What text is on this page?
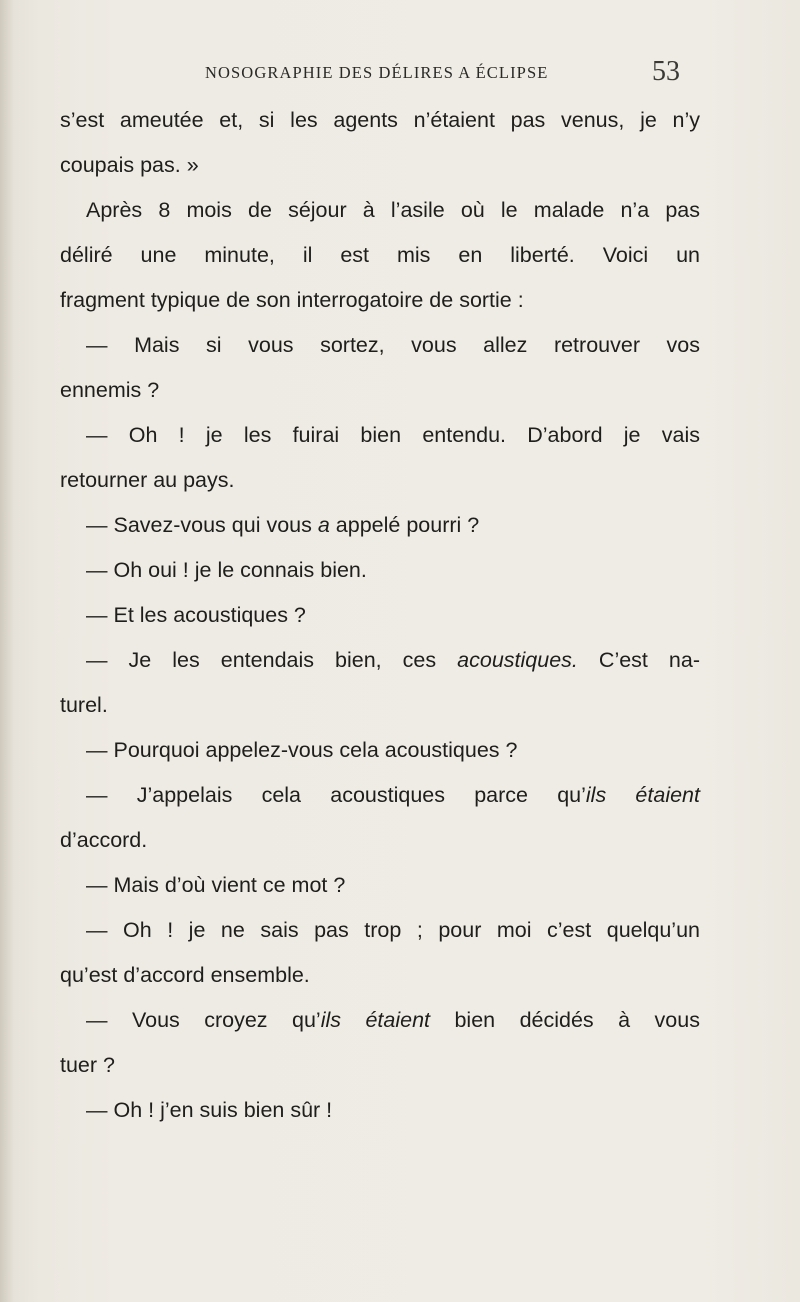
NOSOGRAPHIE DES DÉLIRES A ÉCLIPSE	53
s’est ameutée et, si les agents n’étaient pas venus, je n’y
coupais pas. »
Après 8 mois de séjour à l’asile où le malade n’a pas
déliré une minute, il est mis en liberté. Voici un
fragment typique de son interrogatoire de sortie :
— Mais si vous sortez, vous allez retrouver vos
ennemis ?
— Oh ! je les fuirai bien entendu. D’abord je vais
retourner au pays.
— Savez-vous qui vous a appelé pourri ?
— Oh oui ! je le connais bien.
— Et les acoustiques ?
— Je les entendais bien, ces acoustiques. C’est na-
turel.
— Pourquoi appelez-vous cela acoustiques ?
— J’appelais cela acoustiques parce qu’ils étaient
d’accord.
— Mais d’où vient ce mot ?
— Oh ! je ne sais pas trop ; pour moi c’est quelqu’un
qu’est d’accord ensemble.
— Vous croyez qu’ils étaient bien décidés à vous
tuer ?
— Oh ! j’en suis bien sûr !
